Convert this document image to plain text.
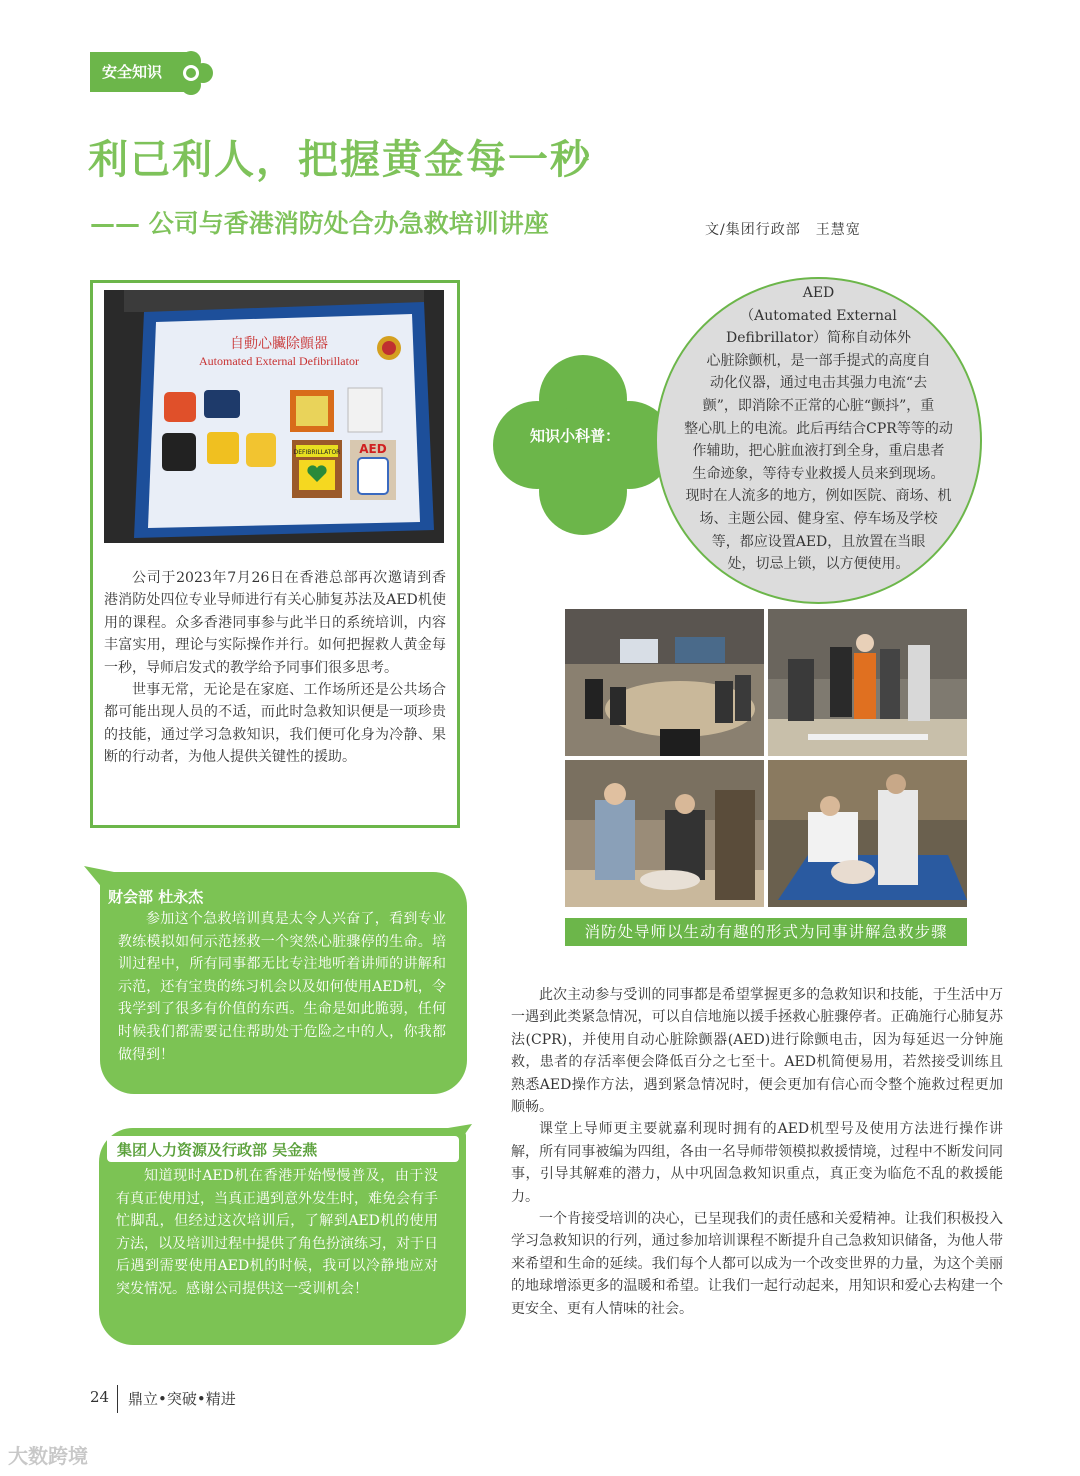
安全知识
利己利人，把握黄金每一秒
—— 公司与香港消防处合办急救培训讲座	文/集团行政部　王慧宽
自動心臟除顫器
Automated External Defibrillator
DEFIBRILLATOR AED

公司于2023年7月26日在香港总部再次邀请到香港消防处四位专业导师进行有关心肺复苏法及AED机使用的课程。众多香港同事参与此半日的系统培训，内容丰富实用，理论与实际操作并行。如何把握救人黄金每一秒，导师启发式的教学给予同事们很多思考。

世事无常，无论是在家庭、工作场所还是公共场合都可能出现人员的不适，而此时急救知识便是一项珍贵的技能，通过学习急救知识，我们便可化身为冷静、果断的行动者，为他人提供关键性的援助。

知识小科普：
AED
（Automated External
Defibrillator）简称自动体外
心脏除颤机，是一部手提式的高度自
动化仪器，通过电击其强力电流“去
颤”，即消除不正常的心脏“颤抖”，重
整心肌上的电流。此后再结合CPR等等的动
作辅助，把心脏血液打到全身，重启患者
生命迹象，等待专业救援人员来到现场。
现时在人流多的地方，例如医院、商场、机
场、主题公园、健身室、停车场及学校
等，都应设置AED，且放置在当眼
处，切忌上锁，以方便使用。
消防处导师以生动有趣的形式为同事讲解急救步骤
财会部 杜永杰
参加这个急救培训真是太令人兴奋了，看到专业教练模拟如何示范拯救一个突然心脏骤停的生命。培训过程中，所有同事都无比专注地听着讲师的讲解和示范，还有宝贵的练习机会以及如何使用AED机，令我学到了很多有价值的东西。生命是如此脆弱，任何时候我们都需要记住帮助处于危险之中的人，你我都做得到！
集团人力资源及行政部 吴金燕
知道现时AED机在香港开始慢慢普及，由于没有真正使用过，当真正遇到意外发生时，难免会有手忙脚乱，但经过这次培训后，了解到AED机的使用方法，以及培训过程中提供了角色扮演练习，对于日后遇到需要使用AED机的时候，我可以冷静地应对突发情况。感谢公司提供这一受训机会！

此次主动参与受训的同事都是希望掌握更多的急救知识和技能，于生活中万一遇到此类紧急情况，可以自信地施以援手拯救心脏骤停者。正确施行心肺复苏法(CPR)，并使用自动心脏除颤器(AED)进行除颤电击，因为每延迟一分钟施救，患者的存活率便会降低百分之七至十。AED机简便易用，若然接受训练且熟悉AED操作方法，遇到紧急情况时，便会更加有信心而令整个施救过程更加顺畅。

课堂上导师更主要就嘉利现时拥有的AED机型号及使用方法进行操作讲解，所有同事被编为四组，各由一名导师带领模拟救援情境，过程中不断发问同事，引导其解难的潜力，从中巩固急救知识重点，真正变为临危不乱的救援能力。

一个肯接受培训的决心，已呈现我们的责任感和关爱精神。让我们积极投入学习急救知识的行列，通过参加培训课程不断提升自己急救知识储备，为他人带来希望和生命的延续。我们每个人都可以成为一个改变世界的力量，为这个美丽的地球增添更多的温暖和希望。让我们一起行动起来，用知识和爱心去构建一个更安全、更有人情味的社会。

24 鼎立•突破•精进
大数跨境
